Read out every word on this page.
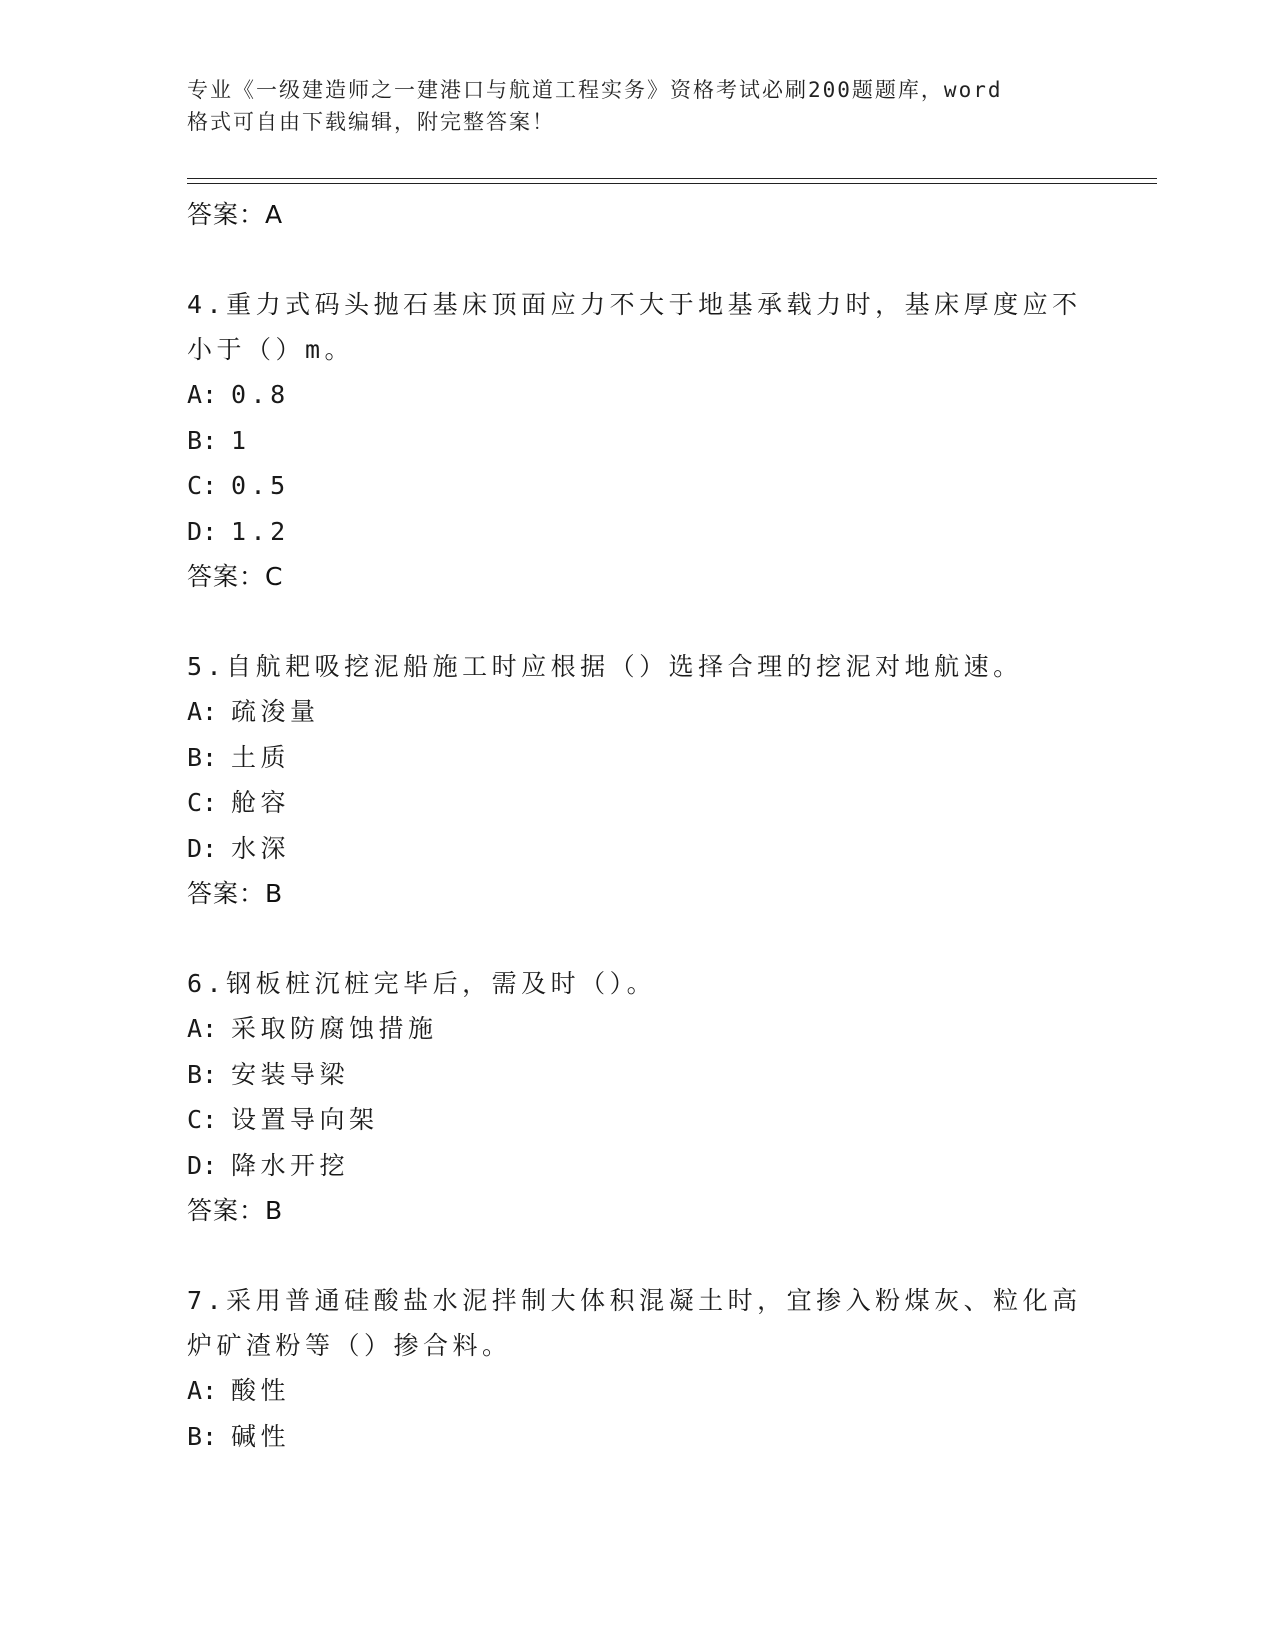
专业《一级建造师之一建港口与航道工程实务》资格考试必刷200题题库，word
格式可自由下载编辑，附完整答案！
答案：A
4.重力式码头抛石基床顶面应力不大于地基承载力时，基床厚度应不
小于（）m。
A: 0.8
B: 1
C: 0.5
D: 1.2
答案：C
5.自航耙吸挖泥船施工时应根据（）选择合理的挖泥对地航速。
A: 疏浚量
B: 土质
C: 舱容
D: 水深
答案：B
6.钢板桩沉桩完毕后，需及时（）。
A: 采取防腐蚀措施
B: 安装导梁
C: 设置导向架
D: 降水开挖
答案：B
7.采用普通硅酸盐水泥拌制大体积混凝土时，宜掺入粉煤灰、粒化高
炉矿渣粉等（）掺合料。
A: 酸性
B: 碱性
